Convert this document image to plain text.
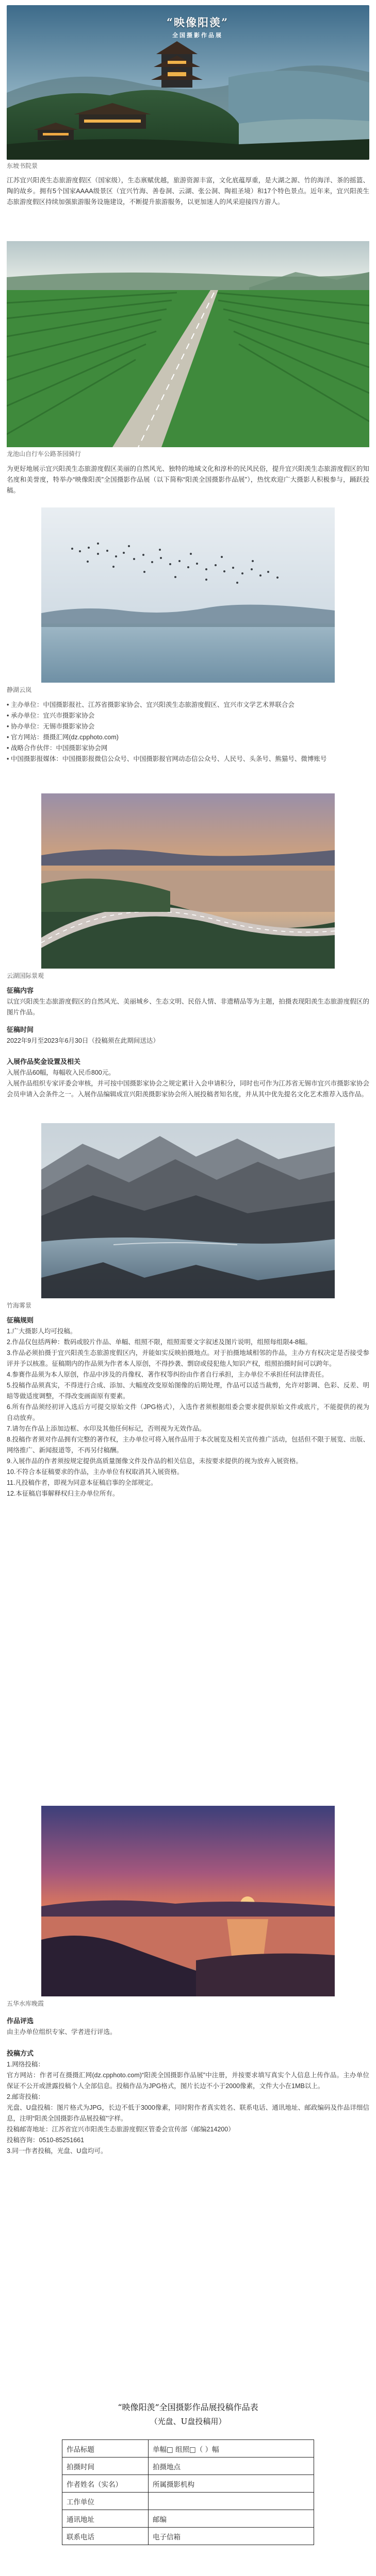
“映像阳羡”
全国摄影作品展
东坡书院景

江苏宜兴阳羡生态旅游度假区（国家级），生态禀赋优越，旅游资源丰富，文化底蕴厚重，是大湖之源、竹的海洋、茶的摇篮、陶的故乡。拥有5个国家AAAA级景区（宜兴竹海、善卷洞、云湖、张公洞、陶祖圣境）和17个特色景点。近年来，宜兴阳羡生态旅游度假区持续加强旅游服务设施建设，不断提升旅游服务，以更加迷人的风采迎接四方游人。

龙池山自行车公路茶园骑行

为更好地展示宜兴阳羡生态旅游度假区美丽的自然风光、独特的地域文化和淳朴的民风民俗，提升宜兴阳羡生态旅游度假区的知名度和美誉度，特举办“映像阳羡”全国摄影作品展（以下简称“阳羡全国摄影作品展”），热忱欢迎广大摄影人积极参与，踊跃投稿。

静湖云岚

• 主办单位：中国摄影报社、江苏省摄影家协会、宜兴阳羡生态旅游度假区、宜兴市文学艺术界联合会

• 承办单位：宜兴市摄影家协会

• 协办单位：无锡市摄影家协会

• 官方网站：摄摄汇网(dz.cpphoto.com)

• 战略合作伙伴：中国摄影家协会网

• 中国摄影报媒体：中国摄影报微信公众号、中国摄影报官网动态信公众号、人民号、头条号、熊猫号、微博账号

云湖国际景观
征稿内容

以宜兴阳羡生态旅游度假区的自然风光、美丽城乡、生态文明、民俗人情、非遗精品等为主题，拍摄表现阳羡生态旅游度假区的图片作品。

征稿时间

2022年9月至2023年6月30日（投稿须在此期间送达）

入展作品奖金设置及相关

入展作品60幅，每幅收入民币800元。

入展作品组织专家评委会审核，并可按中国摄影家协会之规定累计入会申请积分，同时也可作为江苏省无锡市宜兴市摄影家协会会员申请入会条件之一。入展作品编辑成宣兴阳羡摄影家协会所入展投稿者知名度，并从其中优先提名文化艺术推荐入选作品。

竹海雾景
征稿规则

1.广大摄影人均可投稿。

2.作品仅包括两种：数码或胶片作品、单幅、组照不限，组照需要文字叙述及图片说明，组照每组限4-8幅。

3.作品必须拍摄于宜兴阳羡生态旅游度假区内，并能如实反映拍摄地点。对于拍摄地域相邻的作品，主办方有权决定是否接受参评并予以核准。征稿期内的作品须为作者本人原创，不得抄袭、剽窃或侵犯他人知识产权，组照拍摄时间可以跨年。

4.参赛作品须为本人原创，作品中涉及的肖像权、著作权等纠纷由作者自行承担，主办单位不承担任何法律责任。

5.投稿作品须真实，不得进行合成、添加、大幅度改变原始图像的后期处理，作品可以适当裁剪，允许对影调、色彩、反差、明暗等做适度调整，不得改变画面原有要素。

6.所有作品须经初评入选后方可提交原始文件（JPG格式），入选作者须根据组委会要求提供原始文件或底片，不能提供的视为自动放弃。

7.请勿在作品上添加边框、水印及其他任何标记，否则视为无效作品。

8.投稿作者须对作品拥有完整的著作权，主办单位可将入展作品用于本次展览及相关宣传推广活动，包括但不限于展览、出版、网络推广、新闻报道等，不再另付稿酬。

9.入展作品的作者须按规定提供高质量图像文件及作品的相关信息，未按要求提供的视为放弃入展资格。

10.不符合本征稿要求的作品，主办单位有权取消其入展资格。

11.凡投稿作者，即视为同意本征稿启事的全部规定。

12.本征稿启事解释权归主办单位所有。

五华水库晚霞
作品评选

由主办单位组织专家、学者进行评选。

投稿方式

1.网络投稿：

官方网站：作者可在摄摄汇网(dz.cpphoto.com)“阳羡全国摄影作品展”中注册，并按要求填写真实个人信息上传作品。主办单位保证不公开或泄露投稿个人全部信息。投稿作品为JPG格式，图片长边不小于2000像素，文件大小在1MB以上。

2.邮寄投稿：

光盘、U盘投稿：图片格式为JPG，长边不低于3000像素，同时附作者真实姓名、联系电话、通讯地址、邮政编码及作品详细信息，注明“阳羡全国摄影作品展投稿”字样。

投稿邮寄地址：江苏省宜兴市阳羡生态旅游度假区管委会宣传部（邮编214200）

投稿咨询：0510-85251661

3.同一作者投稿，光盘、U盘均可。

“映像阳羡”全国摄影作品展投稿作品表
（光盘、U盘投稿用）
作品标题	单幅□ 组照□（ ）幅
拍摄时间	拍摄地点
作者姓名（实名）	所属摄影机构
工作单位	
通讯地址	邮编
联系电话	电子信箱
